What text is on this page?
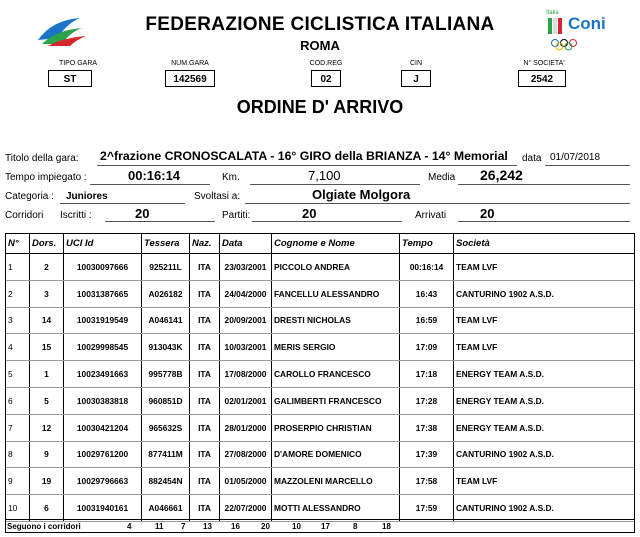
Italia
Coni
FEDERAZIONE CICLISTICA ITALIANA
ROMA
TIPO GARA
ST
NUM.GARA
142569
COD.REG
02
CIN
J
N° SOCIETA'
2542
ORDINE D' ARRIVO
Titolo della gara: 2^frazione CRONOSCALATA - 16° GIRO della BRIANZA - 14° Memorial data 01/07/2018
Tempo impiegato :	00:16:14	Km.	7,100	Media 26,242
Categoria : Juniores	Svoltasi a:	Olgiate Molgora
Corridori Iscritti :	20	Partiti:	20	Arrivati	20
N°	Dors.	UCI Id	Tessera	Naz.	Data	Cognome e Nome	Tempo	Società
1	2	10030097666	925211L	ITA	23/03/2001	PICCOLO ANDREA	00:16:14	TEAM LVF
2	3	10031387665	A026182	ITA	24/04/2000	FANCELLU ALESSANDRO	16:43	CANTURINO 1902 A.S.D.
3	14	10031919549	A046141	ITA	20/09/2001	DRESTI NICHOLAS	16:59	TEAM LVF
4	15	10029998545	913043K	ITA	10/03/2001	MERIS SERGIO	17:09	TEAM LVF
5	1	10023491663	995778B	ITA	17/08/2000	CAROLLO FRANCESCO	17:18	ENERGY TEAM A.S.D.
6	5	10030383818	960851D	ITA	02/01/2001	GALIMBERTI FRANCESCO	17:28	ENERGY TEAM A.S.D.
7	12	10030421204	965632S	ITA	28/01/2000	PROSERPIO CHRISTIAN	17:38	ENERGY TEAM A.S.D.
8	9	10029761200	877411M	ITA	27/08/2000	D'AMORE DOMENICO	17:39	CANTURINO 1902 A.S.D.
9	19	10029796663	882454N	ITA	01/05/2000	MAZZOLENI MARCELLO	17:58	TEAM LVF
10	6	10031940161	A046661	ITA	22/07/2000	MOTTI ALESSANDRO	17:59	CANTURINO 1902 A.S.D.
Seguono i corridori	4	11 7 13 16	20	10	17	8	18
